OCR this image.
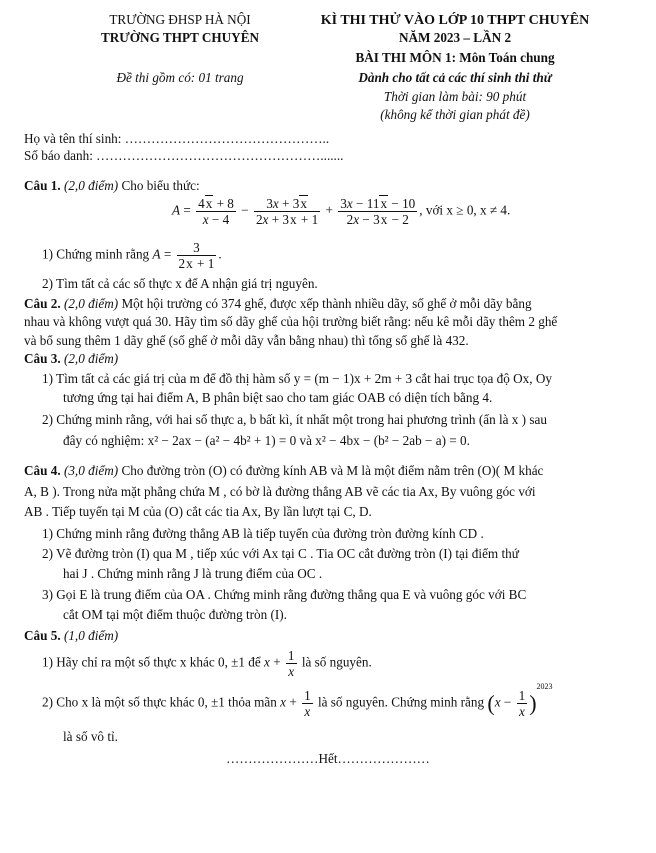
TRƯỜNG ĐHSP HÀ NỘI
TRƯỜNG THPT CHUYÊN
KÌ THI THỬ VÀO LỚP 10 THPT CHUYÊN
NĂM 2023 – LẦN 2
BÀI THI MÔN 1: Môn Toán chung
Đề thi gồm có: 01 trang	Dành cho tất cả các thí sinh thi thử
Thời gian làm bài: 90 phút
(không kể thời gian phát đề)
Họ và tên thí sinh: ………………………………………..
Số báo danh: …………………………………………….......
Câu 1. (2,0 điểm) Cho biểu thức:
$A = \frac{4x + 8}{x - 4} - \frac{3x + 3x}{2x + 3x + 1} + \frac{3x - 11x - 10}{2x - 3x - 2}$ , với x ≥ 0, x ≠ 4.
1) Chứng minh rằng $A = \frac{3}{2x + 1}$ .
2) Tìm tất cả các số thực x để A nhận giá trị nguyên.
Câu 2. (2,0 điểm) Một hội trường có 374 ghế, được xếp thành nhiều dãy, số ghế ở mỗi dãy bằng
nhau và không vượt quá 30. Hãy tìm số dãy ghế của hội trường biết rằng: nếu kê mỗi dãy thêm 2 ghế
và bổ sung thêm 1 dãy ghế (số ghế ở mỗi dãy vẫn bằng nhau) thì tổng số ghế là 432.
Câu 3. (2,0 điểm)
1) Tìm tất cả các giá trị của m để đồ thị hàm số y = (m − 1)x + 2m + 3 cắt hai trục tọa độ Ox, Oy
tương ứng tại hai điểm A, B phân biệt sao cho tam giác OAB có diện tích bằng 4.
2) Chứng minh rằng, với hai số thực a, b bất kì, ít nhất một trong hai phương trình (ẩn là x ) sau
đây có nghiệm: x² − 2ax − (a² − 4b² + 1) = 0 và x² − 4bx − (b² − 2ab − a) = 0.
Câu 4. (3,0 điểm) Cho đường tròn (O) có đường kính AB và M là một điểm nằm trên (O)( M khác
A, B ). Trong nửa mặt phẳng chứa M , có bờ là đường thẳng AB vẽ các tia Ax, By vuông góc với
AB . Tiếp tuyến tại M của (O) cắt các tia Ax, By lần lượt tại C, D.
1) Chứng minh rằng đường thẳng AB là tiếp tuyến của đường tròn đường kính CD .
2) Vẽ đường tròn (I) qua M , tiếp xúc với Ax tại C . Tia OC cắt đường tròn (I) tại điểm thứ
hai J . Chứng minh rằng J là trung điểm của OC .
3) Gọi E là trung điểm của OA . Chứng minh rằng đường thẳng qua E và vuông góc với BC
cắt OM tại một điểm thuộc đường tròn (I).
Câu 5. (1,0 điểm)
1) Hãy chỉ ra một số thực x khác 0, ±1 để $x + \frac{1}{x}$ là số nguyên.
2) Cho x là một số thực khác 0, ±1 thỏa mãn $x + \frac{1}{x}$ là số nguyên. Chứng minh rằng $(x - \frac{1}{x} )^{2023}$
là số vô tỉ.
…………………Hết…………………
